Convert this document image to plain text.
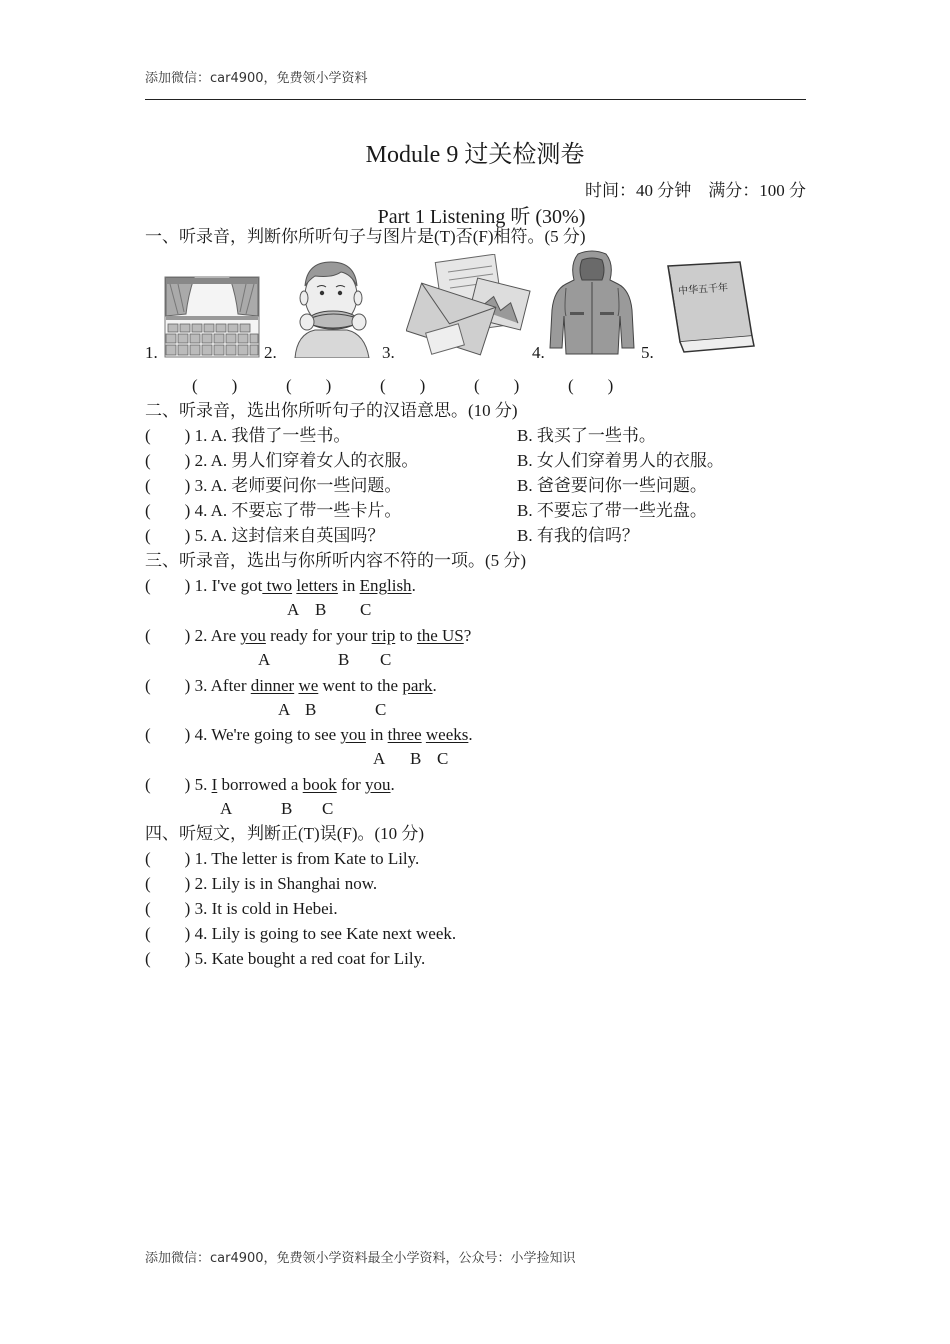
添加微信：car4900，免费领小学资料
Module 9 过关检测卷
时间：40 分钟    满分：100 分
Part 1 Listening 听 (30%)
一、听录音，判断你所听句子与图片是(T)否(F)相符。(5 分)
1.	2.	3.	4.	5.
中华五千年
(        )	(        )	(        )	(        )	(        )
二、听录音，选出你所听句子的汉语意思。(10 分)
(        ) 1. A. 我借了一些书。	B. 我买了一些书。
(        ) 2. A. 男人们穿着女人的衣服。	B. 女人们穿着男人的衣服。
(        ) 3. A. 老师要问你一些问题。	B. 爸爸要问你一些问题。
(        ) 4. A. 不要忘了带一些卡片。	B. 不要忘了带一些光盘。
(        ) 5. A. 这封信来自英国吗？	B. 有我的信吗？
三、听录音，选出与你所听内容不符的一项。(5 分)
(        ) 1. I've got two letters in English.
A B C
(        ) 2. Are you ready for your trip to the US?
A	B C
(        ) 3. After dinner we went to the park.
A B	C
(        ) 4. We're going to see you in three weeks.
A B C
(        ) 5. I borrowed a book for you.
A	B C
四、听短文，判断正(T)误(F)。(10 分)
(        ) 1. The letter is from Kate to Lily.
(        ) 2. Lily is in Shanghai now.
(        ) 3. It is cold in Hebei.
(        ) 4. Lily is going to see Kate next week.
(        ) 5. Kate bought a red coat for Lily.
添加微信：car4900，免费领小学资料最全小学资料，公众号：小学捡知识
